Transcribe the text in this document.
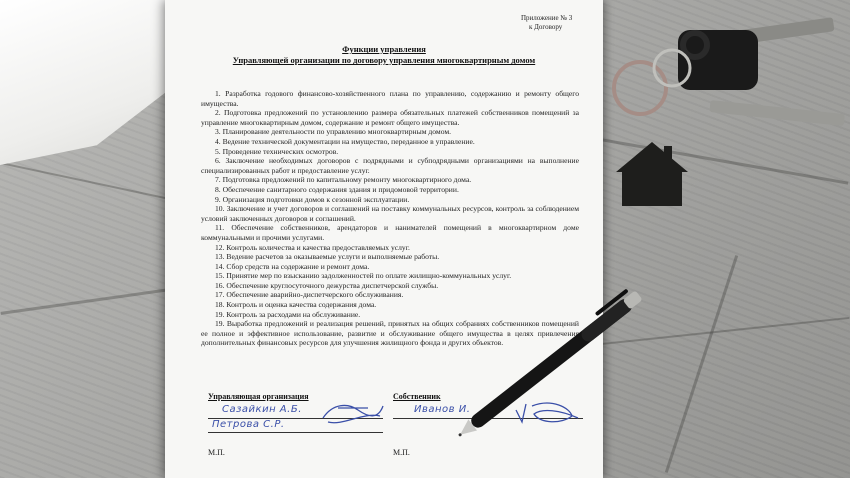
Приложение № 3
к Договору
Функции управления
Управляющей организации по договору управления многоквартирным домом

1. Разработка годового финансово-хозяйственного плана по управлению, содержанию и ремонту общего имущества.

2. Подготовка предложений по установлению размера обязательных платежей собственников помещений за управление многоквартирным домом, содержание и ремонт общего имущества.

3. Планирование деятельности по управлению многоквартирным домом.

4. Ведение технической документации на имущество, переданное в управление.

5. Проведение технических осмотров.

6. Заключение необходимых договоров с подрядными и субподрядными организациями на выполнение специализированных работ и предоставление услуг.

7. Подготовка предложений по капитальному ремонту многоквартирного дома.

8. Обеспечение санитарного содержания здания и придомовой территории.

9. Организация подготовки домов к сезонной эксплуатации.

10. Заключение и учет договоров и соглашений на поставку коммунальных ресурсов, контроль за соблюдением условий заключенных договоров и соглашений.

11. Обеспечение собственников, арендаторов и нанимателей помещений в многоквартирном доме коммунальными и прочими услугами.

12. Контроль количества и качества предоставляемых услуг.

13. Ведение расчетов за оказываемые услуги и выполняемые работы.

14. Сбор средств на содержание и ремонт дома.

15. Принятие мер по взысканию задолженностей по оплате жилищно-коммунальных услуг.

16. Обеспечение круглосуточного дежурства диспетчерской службы.

17. Обеспечение аварийно-диспетчерского обслуживания.

18. Контроль и оценка качества содержания дома.

19. Контроль за расходами на обслуживание.

19. Выработка предложений и реализация решений, принятых на общих собраниях собственников помещений ее полное и эффективное использование, развитие и обслуживание общего имущества в целях привлечения дополнительных финансовых ресурсов для улучшения жилищного фонда и других объектов.

Управляющая организация	Собственник
Сазайкин А.Б.
Петрова С.Р.
Иванов И.
М.П.	М.П.
